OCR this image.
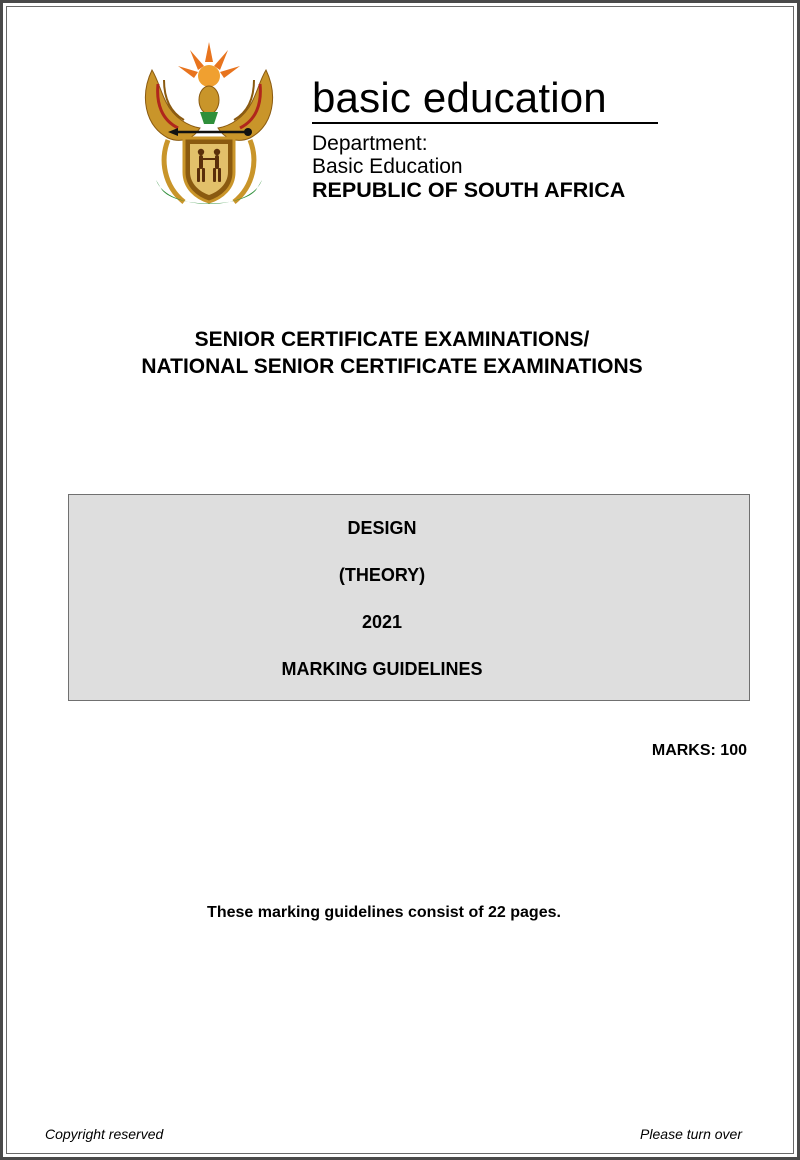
basic education
Department:
Basic Education
REPUBLIC OF SOUTH AFRICA
SENIOR CERTIFICATE EXAMINATIONS/
NATIONAL SENIOR CERTIFICATE EXAMINATIONS
DESIGN
(THEORY)
2021
MARKING GUIDELINES
MARKS: 100
These marking guidelines consist of 22 pages.
Copyright reserved	Please turn over
